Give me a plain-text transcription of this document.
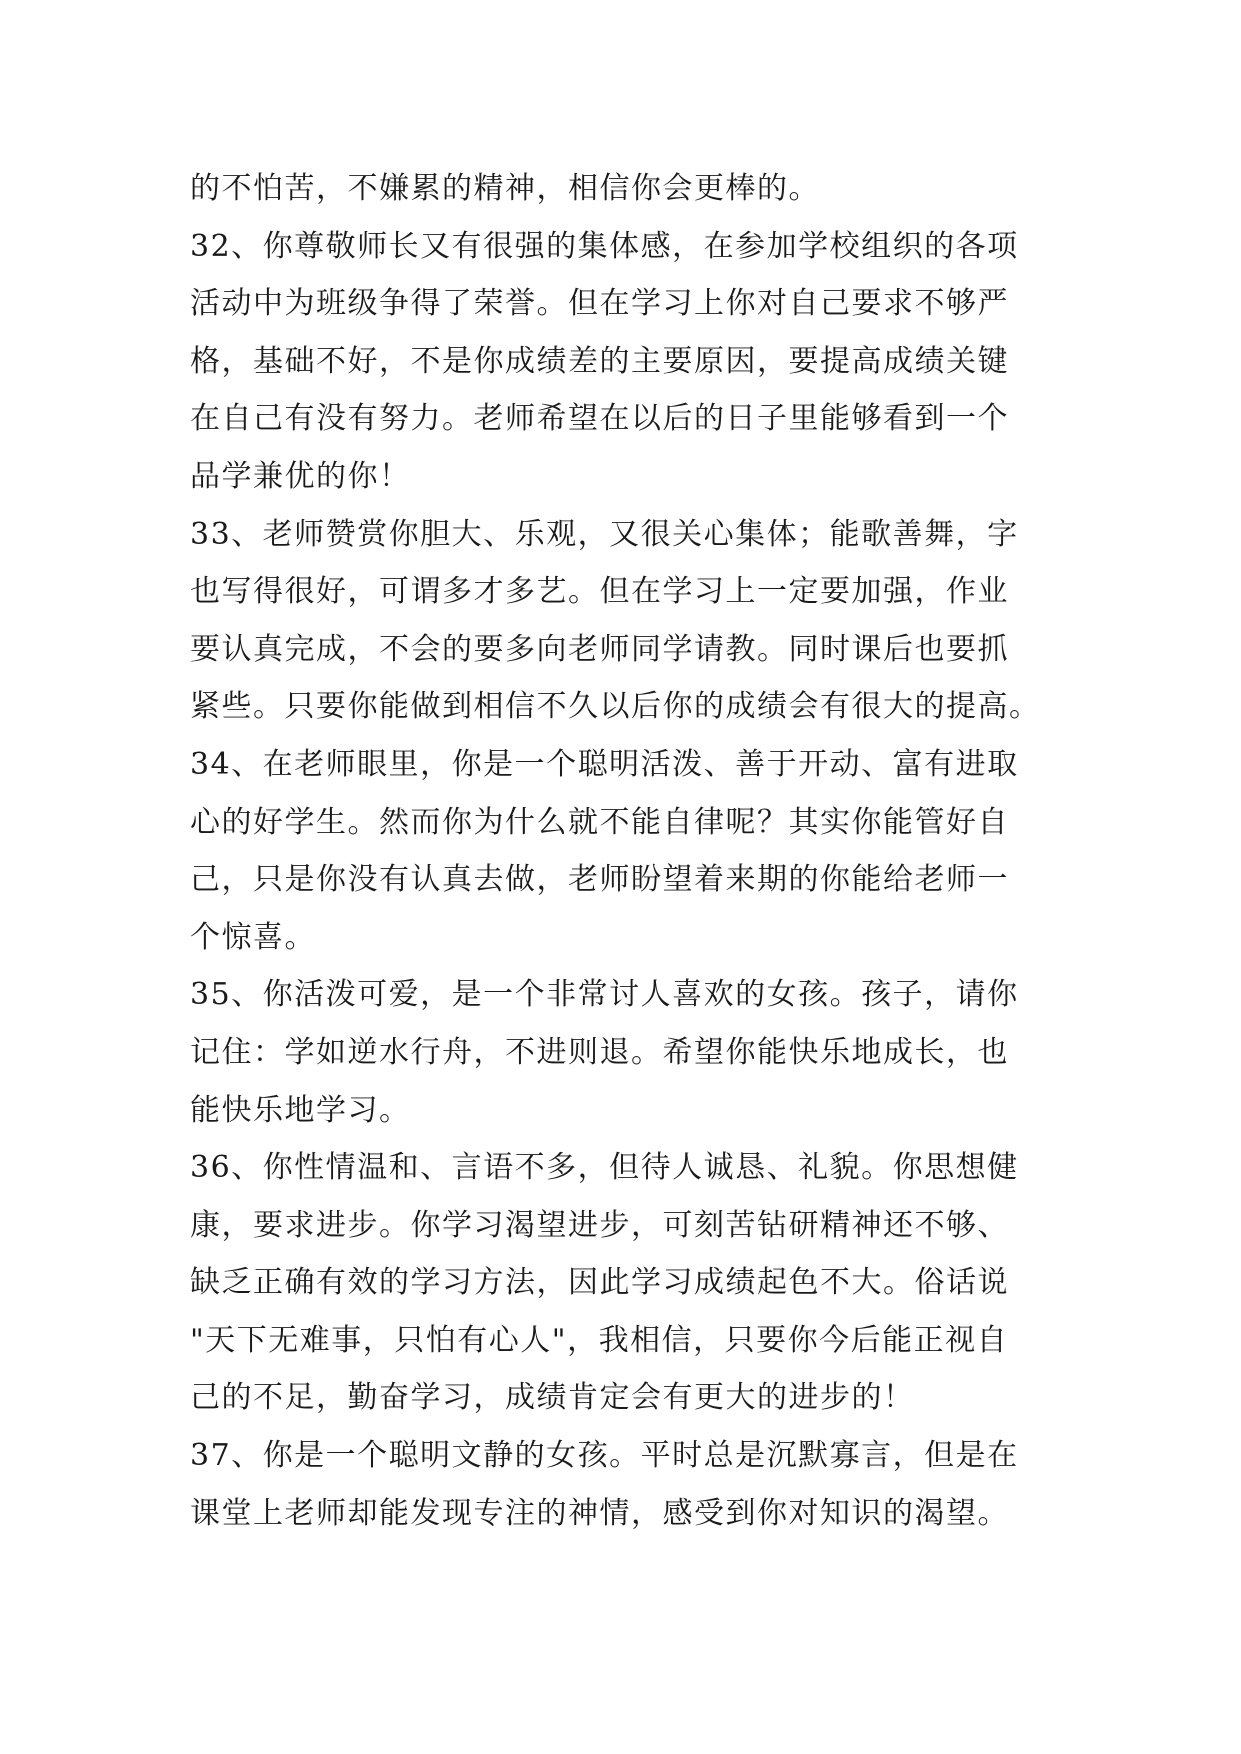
的不怕苦，不嫌累的精神，相信你会更棒的。
32、你尊敬师长又有很强的集体感，在参加学校组织的各项
活动中为班级争得了荣誉。但在学习上你对自己要求不够严
格，基础不好，不是你成绩差的主要原因，要提高成绩关键
在自己有没有努力。老师希望在以后的日子里能够看到一个
品学兼优的你！
33、老师赞赏你胆大、乐观，又很关心集体；能歌善舞，字
也写得很好，可谓多才多艺。但在学习上一定要加强，作业
要认真完成，不会的要多向老师同学请教。同时课后也要抓
紧些。只要你能做到相信不久以后你的成绩会有很大的提高。
34、在老师眼里，你是一个聪明活泼、善于开动、富有进取
心的好学生。然而你为什么就不能自律呢？其实你能管好自
己，只是你没有认真去做，老师盼望着来期的你能给老师一
个惊喜。
35、你活泼可爱，是一个非常讨人喜欢的女孩。孩子，请你
记住：学如逆水行舟，不进则退。希望你能快乐地成长，也
能快乐地学习。
36、你性情温和、言语不多，但待人诚恳、礼貌。你思想健
康，要求进步。你学习渴望进步，可刻苦钻研精神还不够、
缺乏正确有效的学习方法，因此学习成绩起色不大。俗话说
"天下无难事，只怕有心人"，我相信，只要你今后能正视自
己的不足，勤奋学习，成绩肯定会有更大的进步的！
37、你是一个聪明文静的女孩。平时总是沉默寡言，但是在
课堂上老师却能发现专注的神情，感受到你对知识的渴望。
